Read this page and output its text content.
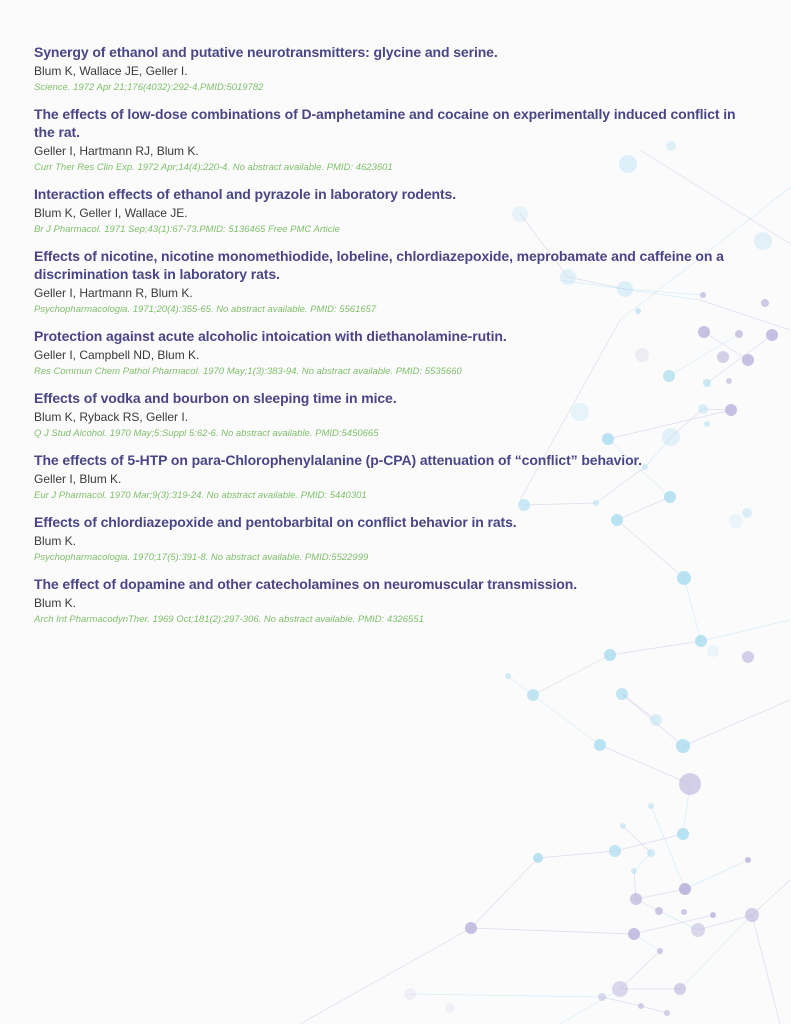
Synergy of ethanol and putative neurotransmitters: glycine and serine.
Blum K, Wallace JE, Geller I.
Science. 1972 Apr 21;176(4032):292-4.PMID:5019782
The effects of low-dose combinations of D-amphetamine and cocaine on experimentally induced conflict in the rat.
Geller I, Hartmann RJ, Blum K.
Curr Ther Res Clin Exp. 1972 Apr;14(4):220-4. No abstract available. PMID: 4623601
Interaction effects of ethanol and pyrazole in laboratory rodents.
Blum K, Geller I, Wallace JE.
Br J Pharmacol. 1971 Sep;43(1):67-73.PMID: 5136465 Free PMC Article
Effects of nicotine, nicotine monomethiodide, lobeline, chlordiazepoxide, meprobamate and caffeine on a discrimination task in laboratory rats.
Geller I, Hartmann R, Blum K.
Psychopharmacologia. 1971;20(4):355-65. No abstract available. PMID: 5561657
Protection against acute alcoholic intoication with diethanolamine-rutin.
Geller I, Campbell ND, Blum K.
Res Commun Chem Pathol Pharmacol. 1970 May;1(3):383-94. No abstract available. PMID: 5535660
Effects of vodka and bourbon on sleeping time in mice.
Blum K, Ryback RS, Geller I.
Q J Stud Alcohol. 1970 May;5:Suppl 5:62-6. No abstract available. PMID:5450665
The effects of 5-HTP on para-Chlorophenylalanine (p-CPA) attenuation of “conflict” behavior.
Geller I, Blum K.
Eur J Pharmacol. 1970 Mar;9(3):319-24. No abstract available. PMID: 5440301
Effects of chlordiazepoxide and pentobarbital on conflict behavior in rats.
Blum K.
Psychopharmacologia. 1970;17(5):391-8. No abstract available. PMID:5522999
The effect of dopamine and other catecholamines on neuromuscular transmission.
Blum K.
Arch Int PharmacodynTher. 1969 Oct;181(2):297-306. No abstract available. PMID: 4326551
